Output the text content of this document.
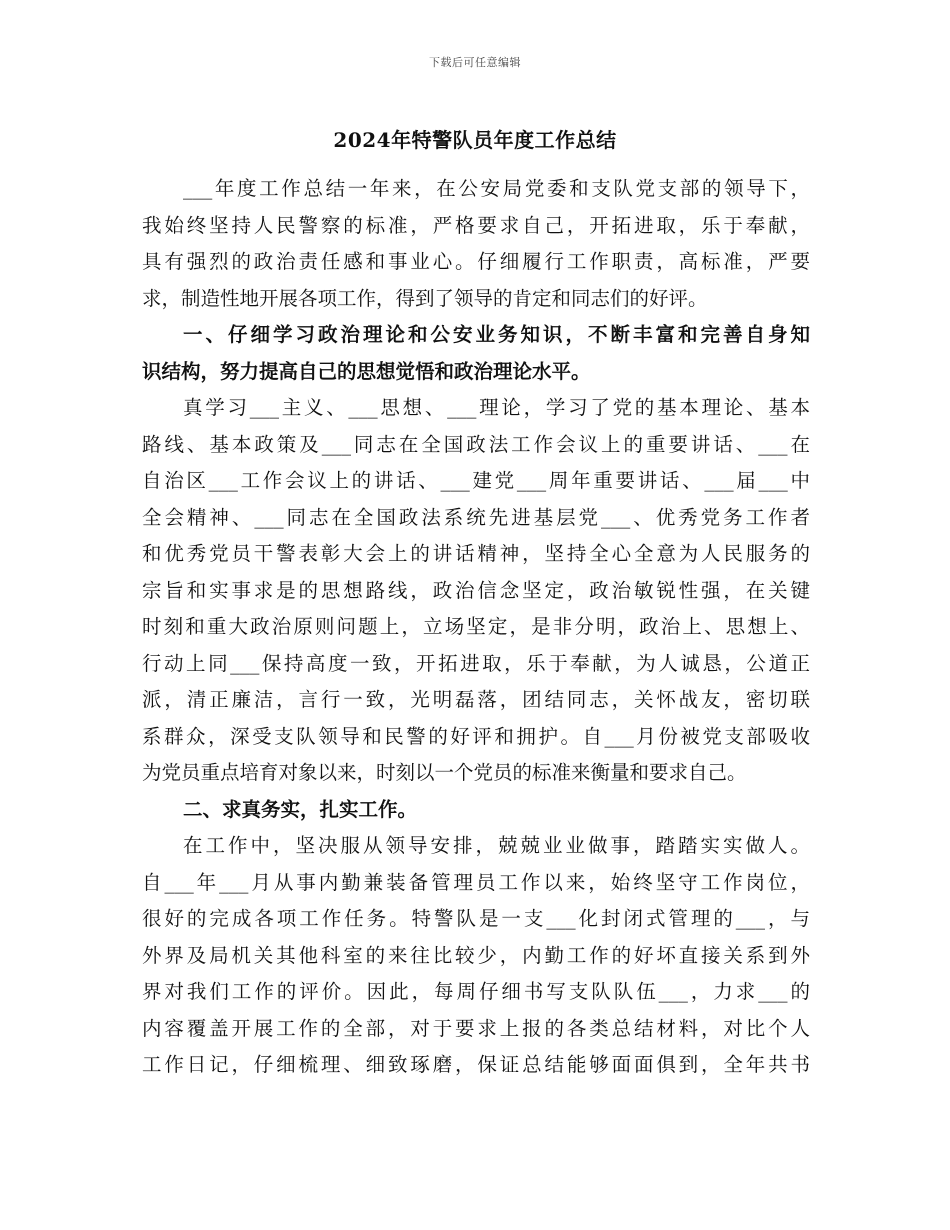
下载后可任意编辑
2024年特警队员年度工作总结
___年度工作总结一年来，在公安局党委和支队党支部的领导下，
我始终坚持人民警察的标准，严格要求自己，开拓进取，乐于奉献，
具有强烈的政治责任感和事业心。仔细履行工作职责，高标准，严要
求，制造性地开展各项工作，得到了领导的肯定和同志们的好评。
一、仔细学习政治理论和公安业务知识，不断丰富和完善自身知
识结构，努力提高自己的思想觉悟和政治理论水平。
真学习___主义、___思想、___理论，学习了党的基本理论、基本
路线、基本政策及___同志在全国政法工作会议上的重要讲话、___在
自治区___工作会议上的讲话、___建党___周年重要讲话、___届___中
全会精神、___同志在全国政法系统先进基层党___、优秀党务工作者
和优秀党员干警表彰大会上的讲话精神，坚持全心全意为人民服务的
宗旨和实事求是的思想路线，政治信念坚定，政治敏锐性强，在关键
时刻和重大政治原则问题上，立场坚定，是非分明，政治上、思想上、
行动上同___保持高度一致，开拓进取，乐于奉献，为人诚恳，公道正
派，清正廉洁，言行一致，光明磊落，团结同志，关怀战友，密切联
系群众，深受支队领导和民警的好评和拥护。自___月份被党支部吸收
为党员重点培育对象以来，时刻以一个党员的标准来衡量和要求自己。
二、求真务实，扎实工作。
在工作中，坚决服从领导安排，兢兢业业做事，踏踏实实做人。
自___年___月从事内勤兼装备管理员工作以来，始终坚守工作岗位，
很好的完成各项工作任务。特警队是一支___化封闭式管理的___，与
外界及局机关其他科室的来往比较少，内勤工作的好坏直接关系到外
界对我们工作的评价。因此，每周仔细书写支队队伍___，力求___的
内容覆盖开展工作的全部，对于要求上报的各类总结材料，对比个人
工作日记，仔细梳理、细致琢磨，保证总结能够面面俱到，全年共书
